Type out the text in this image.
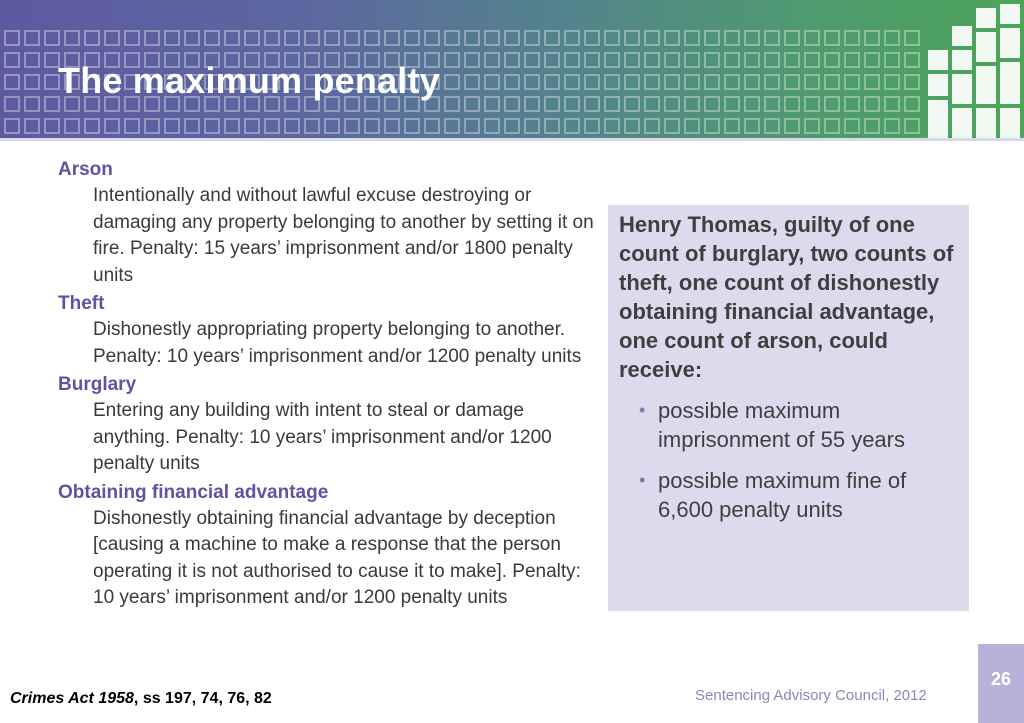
The maximum penalty

Arson

Intentionally and without lawful excuse destroying or damaging any property belonging to another by setting it on fire. Penalty: 15 years’ imprisonment and/or 1800 penalty units

Theft

Dishonestly appropriating property belonging to another. Penalty: 10 years’ imprisonment and/or 1200 penalty units

Burglary

Entering any building with intent to steal or damage anything. Penalty: 10 years’ imprisonment and/or 1200 penalty units

Obtaining financial advantage

Dishonestly obtaining financial advantage by deception [causing a machine to make a response that the person operating it is not authorised to cause it to make]. Penalty: 10 years’ imprisonment and/or 1200 penalty units

Henry Thomas, guilty of one count of burglary, two counts of theft, one count of dishonestly obtaining financial advantage, one count of arson, could receive:

• possible maximum imprisonment of 55 years
• possible maximum fine of 6,600 penalty units
Crimes Act 1958, ss 197, 74, 76, 82	Sentencing Advisory Council, 2012
26
